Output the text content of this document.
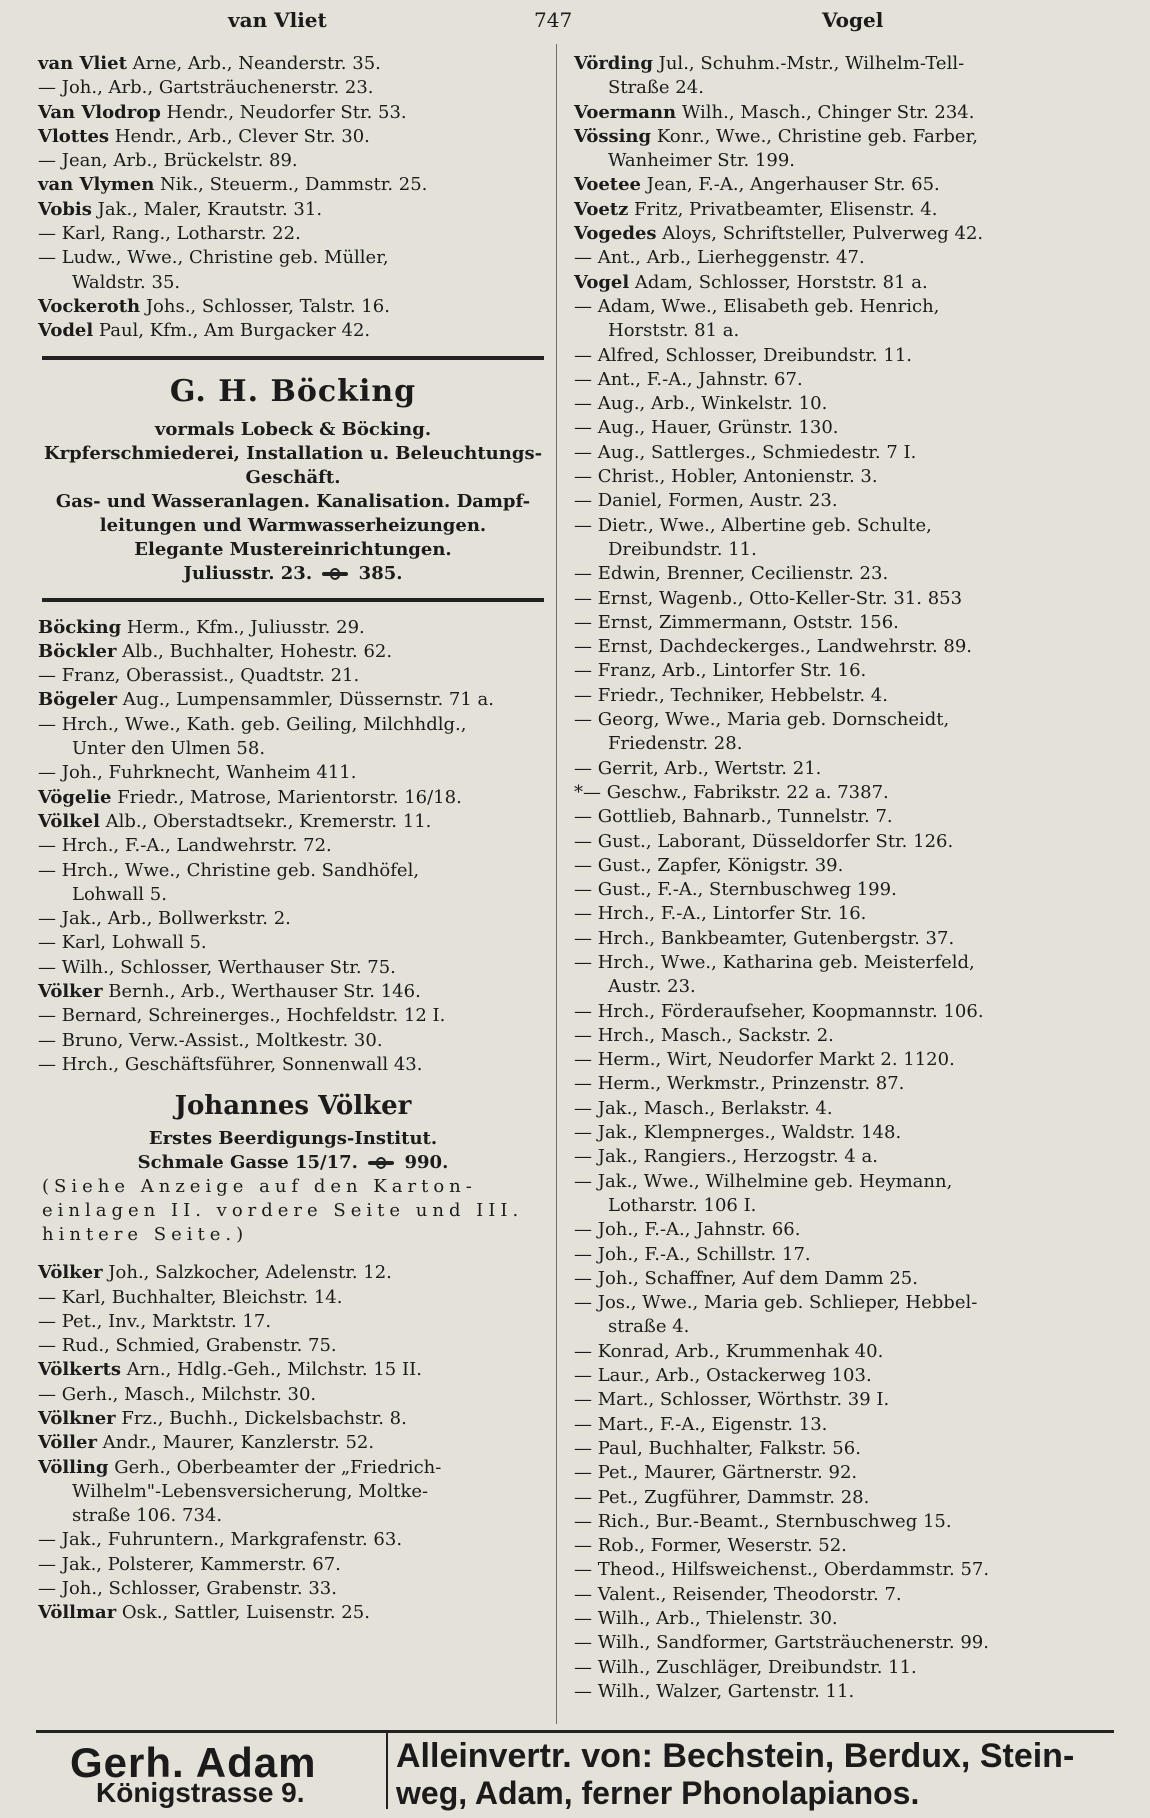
van Vliet	747	Vogel
van Vliet Arne, Arb., Neanderstr. 35.
— Joh., Arb., Gartsträuchenerstr. 23.
Van Vlodrop Hendr., Neudorfer Str. 53.
Vlottes Hendr., Arb., Clever Str. 30.
— Jean, Arb., Brückelstr. 89.
van Vlymen Nik., Steuerm., Dammstr. 25.
Vobis Jak., Maler, Krautstr. 31.
— Karl, Rang., Lotharstr. 22.
— Ludw., Wwe., Christine geb. Müller,
Waldstr. 35.
Vockeroth Johs., Schlosser, Talstr. 16.
Vodel Paul, Kfm., Am Burgacker 42.
G. H. Böcking
vormals Lobeck & Böcking.
Krpferschmiederei, Installation u. Beleuchtungs-
Geschäft.
Gas- und Wasseranlagen. Kanalisation. Dampf-
leitungen und Warmwasserheizungen.
Elegante Mustereinrichtungen.
Juliusstr. 23.	385.
Böcking Herm., Kfm., Juliusstr. 29.
Böckler Alb., Buchhalter, Hohestr. 62.
— Franz, Oberassist., Quadtstr. 21.
Bögeler Aug., Lumpensammler, Düssernstr. 71 a.
— Hrch., Wwe., Kath. geb. Geiling, Milchhdlg.,
Unter den Ulmen 58.
— Joh., Fuhrknecht, Wanheim 411.
Vögelie Friedr., Matrose, Marientorstr. 16/18.
Völkel Alb., Oberstadtsekr., Kremerstr. 11.
— Hrch., F.-A., Landwehrstr. 72.
— Hrch., Wwe., Christine geb. Sandhöfel,
Lohwall 5.
— Jak., Arb., Bollwerkstr. 2.
— Karl, Lohwall 5.
— Wilh., Schlosser, Werthauser Str. 75.
Völker Bernh., Arb., Werthauser Str. 146.
— Bernard, Schreinerges., Hochfeldstr. 12 I.
— Bruno, Verw.-Assist., Moltkestr. 30.
— Hrch., Geschäftsführer, Sonnenwall 43.
Johannes Völker
Erstes Beerdigungs-Institut.
Schmale Gasse 15/17.	990.
(Siehe Anzeige auf den Karton- einlagen II. vordere Seite und III. hintere Seite.)
Völker Joh., Salzkocher, Adelenstr. 12.
— Karl, Buchhalter, Bleichstr. 14.
— Pet., Inv., Marktstr. 17.
— Rud., Schmied, Grabenstr. 75.
Völkerts Arn., Hdlg.-Geh., Milchstr. 15 II.
— Gerh., Masch., Milchstr. 30.
Völkner Frz., Buchh., Dickelsbachstr. 8.
Völler Andr., Maurer, Kanzlerstr. 52.
Völling Gerh., Oberbeamter der „Friedrich-
Wilhelm"-Lebensversicherung, Moltke-
straße 106. 734.
— Jak., Fuhruntern., Markgrafenstr. 63.
— Jak., Polsterer, Kammerstr. 67.
— Joh., Schlosser, Grabenstr. 33.
Völlmar Osk., Sattler, Luisenstr. 25.
Vörding Jul., Schuhm.-Mstr., Wilhelm-Tell-
Straße 24.
Voermann Wilh., Masch., Chinger Str. 234.
Vössing Konr., Wwe., Christine geb. Farber,
Wanheimer Str. 199.
Voetee Jean, F.-A., Angerhauser Str. 65.
Voetz Fritz, Privatbeamter, Elisenstr. 4.
Vogedes Aloys, Schriftsteller, Pulverweg 42.
— Ant., Arb., Lierheggenstr. 47.
Vogel Adam, Schlosser, Horststr. 81 a.
— Adam, Wwe., Elisabeth geb. Henrich,
Horststr. 81 a.
— Alfred, Schlosser, Dreibundstr. 11.
— Ant., F.-A., Jahnstr. 67.
— Aug., Arb., Winkelstr. 10.
— Aug., Hauer, Grünstr. 130.
— Aug., Sattlerges., Schmiedestr. 7 I.
— Christ., Hobler, Antonienstr. 3.
— Daniel, Formen, Austr. 23.
— Dietr., Wwe., Albertine geb. Schulte,
Dreibundstr. 11.
— Edwin, Brenner, Cecilienstr. 23.
— Ernst, Wagenb., Otto-Keller-Str. 31. 853
— Ernst, Zimmermann, Oststr. 156.
— Ernst, Dachdeckerges., Landwehrstr. 89.
— Franz, Arb., Lintorfer Str. 16.
— Friedr., Techniker, Hebbelstr. 4.
— Georg, Wwe., Maria geb. Dornscheidt,
Friedenstr. 28.
— Gerrit, Arb., Wertstr. 21.
*— Geschw., Fabrikstr. 22 a. 7387.
— Gottlieb, Bahnarb., Tunnelstr. 7.
— Gust., Laborant, Düsseldorfer Str. 126.
— Gust., Zapfer, Königstr. 39.
— Gust., F.-A., Sternbuschweg 199.
— Hrch., F.-A., Lintorfer Str. 16.
— Hrch., Bankbeamter, Gutenbergstr. 37.
— Hrch., Wwe., Katharina geb. Meisterfeld,
Austr. 23.
— Hrch., Förderaufseher, Koopmannstr. 106.
— Hrch., Masch., Sackstr. 2.
— Herm., Wirt, Neudorfer Markt 2. 1120.
— Herm., Werkmstr., Prinzenstr. 87.
— Jak., Masch., Berlakstr. 4.
— Jak., Klempnerges., Waldstr. 148.
— Jak., Rangiers., Herzogstr. 4 a.
— Jak., Wwe., Wilhelmine geb. Heymann,
Lotharstr. 106 I.
— Joh., F.-A., Jahnstr. 66.
— Joh., F.-A., Schillstr. 17.
— Joh., Schaffner, Auf dem Damm 25.
— Jos., Wwe., Maria geb. Schlieper, Hebbel-
straße 4.
— Konrad, Arb., Krummenhak 40.
— Laur., Arb., Ostackerweg 103.
— Mart., Schlosser, Wörthstr. 39 I.
— Mart., F.-A., Eigenstr. 13.
— Paul, Buchhalter, Falkstr. 56.
— Pet., Maurer, Gärtnerstr. 92.
— Pet., Zugführer, Dammstr. 28.
— Rich., Bur.-Beamt., Sternbuschweg 15.
— Rob., Former, Weserstr. 52.
— Theod., Hilfsweichenst., Oberdammstr. 57.
— Valent., Reisender, Theodorstr. 7.
— Wilh., Arb., Thielenstr. 30.
— Wilh., Sandformer, Gartsträuchenerstr. 99.
— Wilh., Zuschläger, Dreibundstr. 11.
— Wilh., Walzer, Gartenstr. 11.
Gerh. Adam
Königstrasse 9.
Alleinvertr. von: Bechstein, Berdux, Stein-
weg, Adam, ferner Phonolapianos.
